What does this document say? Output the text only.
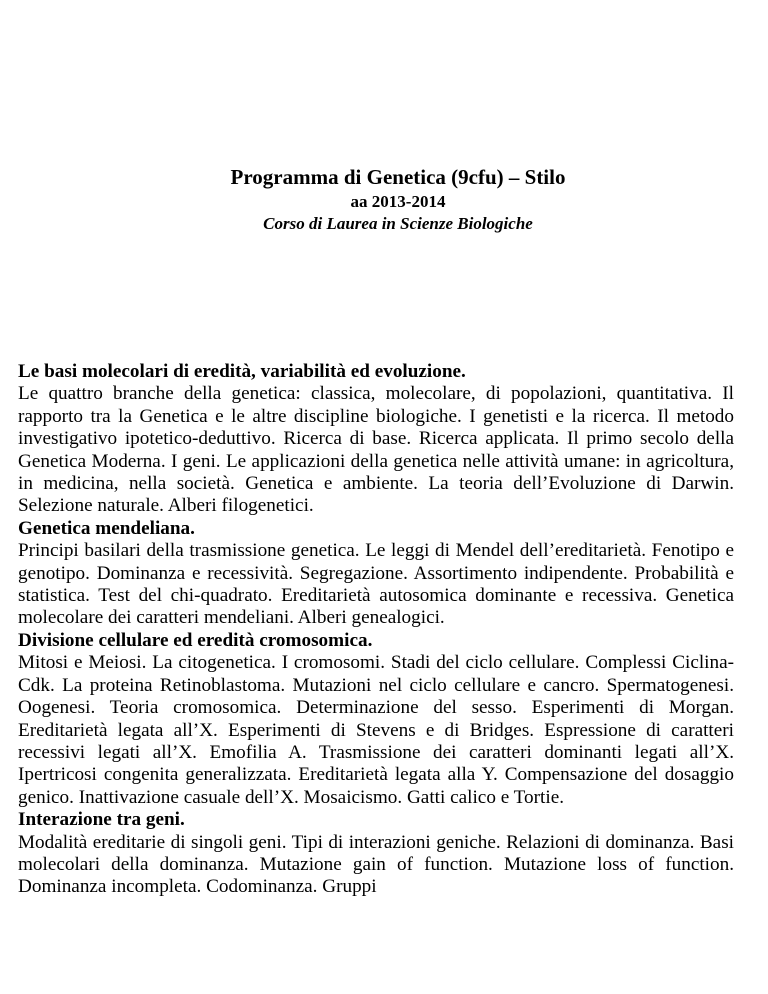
Programma di Genetica (9cfu) – Stilo
aa 2013-2014
Corso di Laurea in Scienze Biologiche

Le basi molecolari di eredità, variabilità ed evoluzione.

Le quattro branche della genetica: classica, molecolare, di popolazioni, quantitativa. Il rapporto tra la Genetica e le altre discipline biologiche. I genetisti e la ricerca. Il metodo investigativo ipotetico-deduttivo. Ricerca di base. Ricerca applicata. Il primo secolo della Genetica Moderna. I geni. Le applicazioni della genetica nelle attività umane: in agricoltura, in medicina, nella società. Genetica e ambiente. La teoria dell’Evoluzione di Darwin. Selezione naturale. Alberi filogenetici.

Genetica mendeliana.

Principi basilari della trasmissione genetica. Le leggi di Mendel dell’ereditarietà. Fenotipo e genotipo. Dominanza e recessività. Segregazione. Assortimento indipendente. Probabilità e statistica. Test del chi-quadrato. Ereditarietà autosomica dominante e recessiva. Genetica molecolare dei caratteri mendeliani. Alberi genealogici.

Divisione cellulare ed eredità cromosomica.

Mitosi e Meiosi. La citogenetica. I cromosomi. Stadi del ciclo cellulare. Complessi Ciclina-Cdk. La proteina Retinoblastoma. Mutazioni nel ciclo cellulare e cancro. Spermatogenesi. Oogenesi. Teoria cromosomica. Determinazione del sesso. Esperimenti di Morgan. Ereditarietà legata all’X. Esperimenti di Stevens e di Bridges. Espressione di caratteri recessivi legati all’X. Emofilia A. Trasmissione dei caratteri dominanti legati all’X. Ipertricosi congenita generalizzata. Ereditarietà legata alla Y. Compensazione del dosaggio genico. Inattivazione casuale dell’X. Mosaicismo. Gatti calico e Tortie.

Interazione tra geni.

Modalità ereditarie di singoli geni. Tipi di interazioni geniche. Relazioni di dominanza. Basi molecolari della dominanza. Mutazione gain of function. Mutazione loss of function. Dominanza incompleta. Codominanza. Gruppi
